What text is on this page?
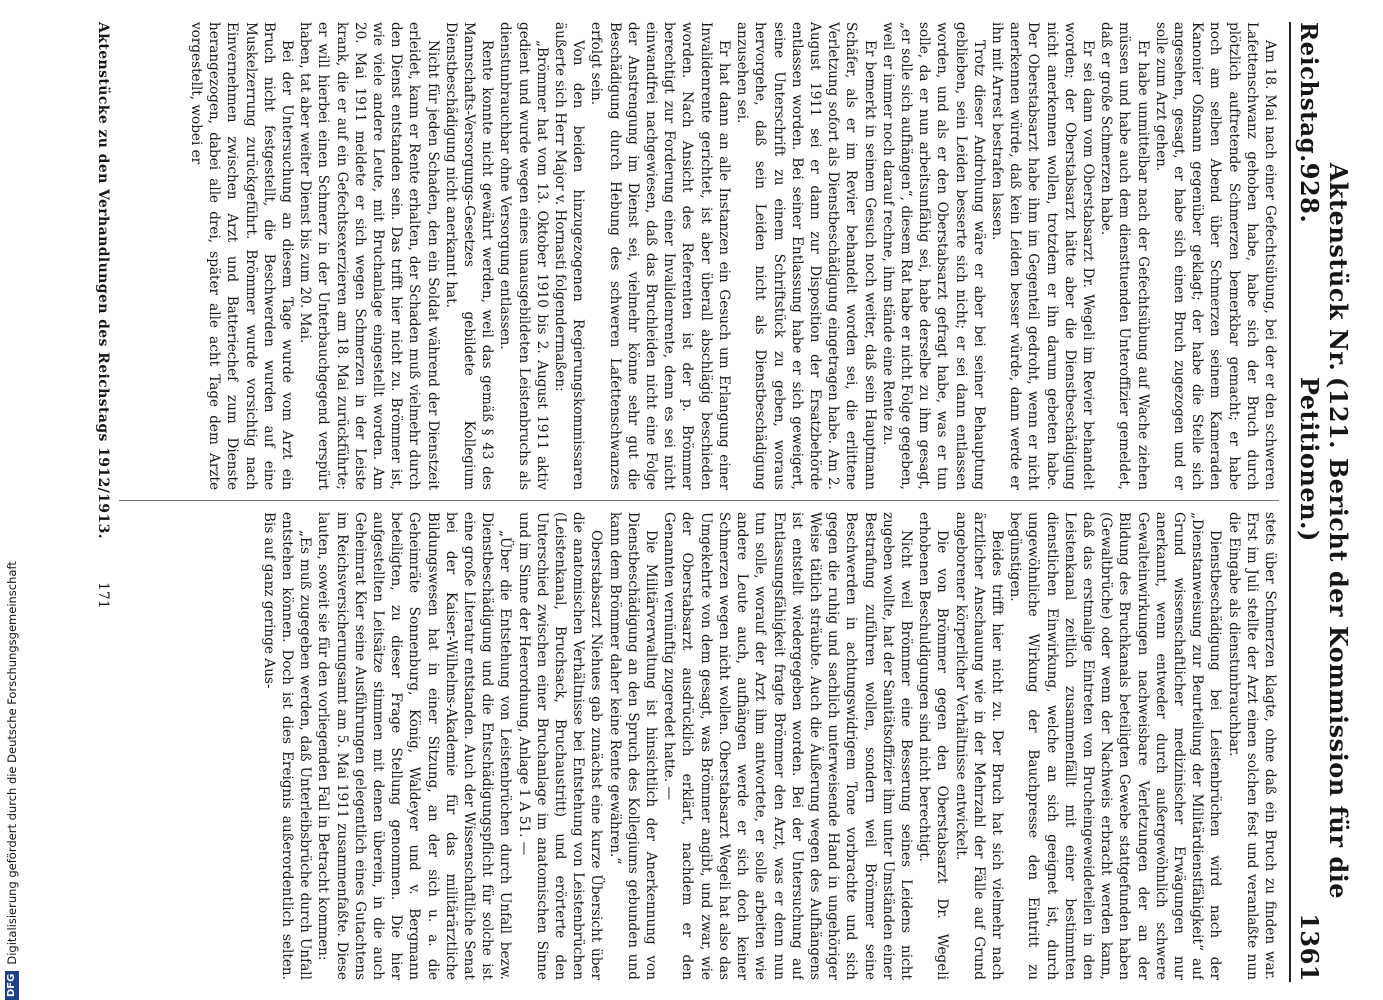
Reichstag.
Aktenstück Nr. 928.
(121. Bericht der Kommission für die Petitionen.)
1361

Am 18. Mai nach einer Gefechtsübung, bei der er den schweren Lafettenschwanz gehoben habe, habe sich der Bruch durch plötzlich auftretende Schmerzen bemerkbar gemacht; er habe noch am selben Abend über Schmerzen seinem Kameraden Kanonier Oßmann gegenüber geklagt; der habe die Stelle sich angesehen, gesagt, er habe sich einen Bruch zugezogen und er solle zum Arzt gehen.

Er habe unmittelbar nach der Gefechtsübung auf Wache ziehen müssen und habe auch dem diensttuenden Unteroffizier gemeldet, daß er große Schmerzen habe.

Er sei dann vom Oberstabsarzt Dr. Wegeli im Revier behandelt worden; der Oberstabsarzt hätte aber die Dienstbeschädigung nicht anerkennen wollen, trotzdem er ihn darum gebeten habe. Der Oberstabsarzt habe ihm im Gegenteil gedroht, wenn er nicht anerkennen würde, daß kein Leiden besser würde, dann werde er ihn mit Arrest bestrafen lassen.

Trotz dieser Androhung wäre er aber bei seiner Behauptung geblieben, sein Leiden besserte sich nicht; er sei dann entlassen worden, und als er den Oberstabsarzt gefragt habe, was er tun solle, da er nun arbeitsunfähig sei, habe derselbe zu ihm gesagt, „er solle sich aufhängen“, diesem Rat habe er nicht Folge gegeben, weil er immer noch darauf rechne, ihm stände eine Rente zu.

Er bemerkt in seinem Gesuch noch weiter, daß sein Hauptmann Schäfer, als er im Revier behandelt worden sei, die erlittene Verletzung sofort als Dienstbeschädigung eingetragen habe. Am 2. August 1911 sei er dann zur Disposition der Ersatzbehörde entlassen worden. Bei seiner Entlassung habe er sich geweigert, seine Unterschrift zu einem Schriftstück zu geben, woraus hervorgehe, daß sein Leiden nicht als Dienstbeschädigung anzusehen sei.

Er hat dann an alle Instanzen ein Gesuch um Erlangung einer Invalidenrente gerichtet, ist aber überall abschlägig beschieden worden. Nach Ansicht des Referenten ist der p. Brömmer berechtigt zur Forderung einer Invalidenrente, denn es sei nicht einwandfrei nachgewiesen, daß das Bruchleiden nicht eine Folge der Anstrengung im Dienst sei, vielmehr könne sehr gut die Beschädigung durch Hebung des schweren Lafettenschwanzes erfolgt sein.

Von den beiden hinzugezogenen Regierungskommissaren äußerte sich Herr Major v. Hornasti folgendermaßen:

„Brömmer hat vom 13. Oktober 1910 bis 2. August 1911 aktiv gedient und wurde wegen eines unausgebildeten Leistenbruchs als dienstunbrauchbar ohne Versorgung entlassen.

Rente konnte nicht gewährt werden, weil das gemäß § 43 des Mannschafts-Versorgungs-Gesetzes gebildete Kollegium Dienstbeschädigung nicht anerkannt hat.

Nicht für jeden Schaden, den ein Soldat während der Dienstzeit erleidet, kann er Rente erhalten, der Schaden muß vielmehr durch den Dienst entstanden sein. Das trifft hier nicht zu. Brömmer ist, wie viele andere Leute, mit Bruchanlage eingestellt worden. Am 20. Mai 1911 meldete er sich wegen Schmerzen in der Leiste krank, die er auf ein Gefechtsexerzieren am 18. Mai zurückführte; er will hierbei einen Schmerz in der Unterbauchgegend verspürt haben, tat aber weiter Dienst bis zum 20. Mai.

Bei der Untersuchung an diesem Tage wurde vom Arzt ein Bruch nicht festgestellt, die Beschwerden wurden auf eine Muskelzerrung zurückgeführt. Brömmer wurde vorsichtig nach Einvernehmen zwischen Arzt und Batteriechef zum Dienste herangezogen, dabei alle drei, später alle acht Tage dem Arzte vorgestellt, wobei er

stets über Schmerzen klagte, ohne daß ein Bruch zu finden war. Erst im Juli stellte der Arzt einen solchen fest und veranlaßte nun die Eingabe als dienstunbrauchbar.

Dienstbeschädigung bei Leistenbrüchen wird nach der „Dienstanweisung zur Beurteilung der Militärdienstfähigkeit“ auf Grund wissenschaftlicher medizinischer Erwägungen nur anerkannt, wenn entweder durch außergewöhnlich schwere Gewalteinwirkungen nachweisbare Verletzungen der an der Bildung des Bruchkanals beteiligten Gewebe stattgefunden haben (Gewaltbrüche) oder wenn der Nachweis erbracht werden kann, daß das erstmalige Eintreten von Brucheingeweideteilen in den Leistenkanal zeitlich zusammenfällt mit einer bestimmten dienstlichen Einwirkung, welche an sich geeignet ist, durch ungewöhnliche Wirkung der Bauchpresse den Eintritt zu begünstigen.

Beides trifft hier nicht zu. Der Bruch hat sich vielmehr nach ärztlicher Anschauung wie in der Mehrzahl der Fälle auf Grund angeborener körperlicher Verhältnisse entwickelt.

Die von Brömmer gegen den Oberstabsarzt Dr. Wegeli erhobenen Beschuldigungen sind nicht berechtigt.

Nicht weil Brömmer eine Besserung seines Leidens nicht zugeben wollte, hat der Sanitätsoffizier ihm unter Umständen einer Bestrafung zuführen wollen, sondern weil Brömmer seine Beschwerden in achtungswidrigem Tone vorbrachte und sich gegen die ruhig und sachlich unterweisende Hand in ungehöriger Weise tätlich sträubte. Auch die Äußerung wegen des Aufhängens ist entstellt wiedergegeben worden. Bei der Untersuchung auf Entlassungsfähigkeit fragte Brömmer den Arzt, was er denn nun tun solle, worauf der Arzt ihm antwortete, er solle arbeiten wie andere Leute auch, aufhängen werde er sich doch keiner Schmerzen wegen nicht wollen. Oberstabsarzt Wegeli hat also das Umgekehrte von dem gesagt, was Brömmer angibt, und zwar, wie der Oberstabsarzt ausdrücklich erklärt, nachdem er den Genannten vernünftig zugeredet hatte. —

Die Militärverwaltung ist hinsichtlich der Anerkennung von Dienstbeschädigung an den Spruch des Kollegiums gebunden und kann dem Brömmer daher keine Rente gewähren.“

Oberstabsarzt Niehues gab zunächst eine kurze Übersicht über die anatomischen Verhältnisse bei Entstehung von Leistenbrüchen (Leistenkanal, Bruchsack, Bruchaustritt) und erörterte den Unterschied zwischen einer Bruchanlage im anatomischen Sinne und im Sinne der Heerordnung, Anlage 1 A 51. —

„Über die Entstehung von Leistenbrüchen durch Unfall bezw. Dienstbeschädigung und die Entschädigungspflicht für solche ist eine große Literatur entstanden. Auch der Wissenschaftliche Senat bei der Kaiser-Wilhelms-Akademie für das militärärztliche Bildungswesen hat in einer Sitzung, an der sich u. a. die Geheimräte Sonnenburg, König, Waldeyer und v. Bergmann beteiligten, zu dieser Frage Stellung genommen. Die hier aufgestellten Leitsätze stimmen mit denen überein, in die auch Geheimrat Kier seine Ausführungen gelegentlich eines Gutachtens im Reichsversicherungsamt am 5. Mai 1911 zusammenfaßte. Diese lauten, soweit sie für den vorliegenden Fall in Betracht kommen:

„Es muß zugegeben werden, daß Unterleibsbrüche durch Unfall entstehen können. Doch ist dies Ereignis außerordentlich selten. Bis auf ganz geringe Aus-

Aktenstücke zu den Verhandlungen des Reichstags 1912/1913.
171
DFG
Digitalisierung gefördert durch die Deutsche Forschungsgemeinschaft
